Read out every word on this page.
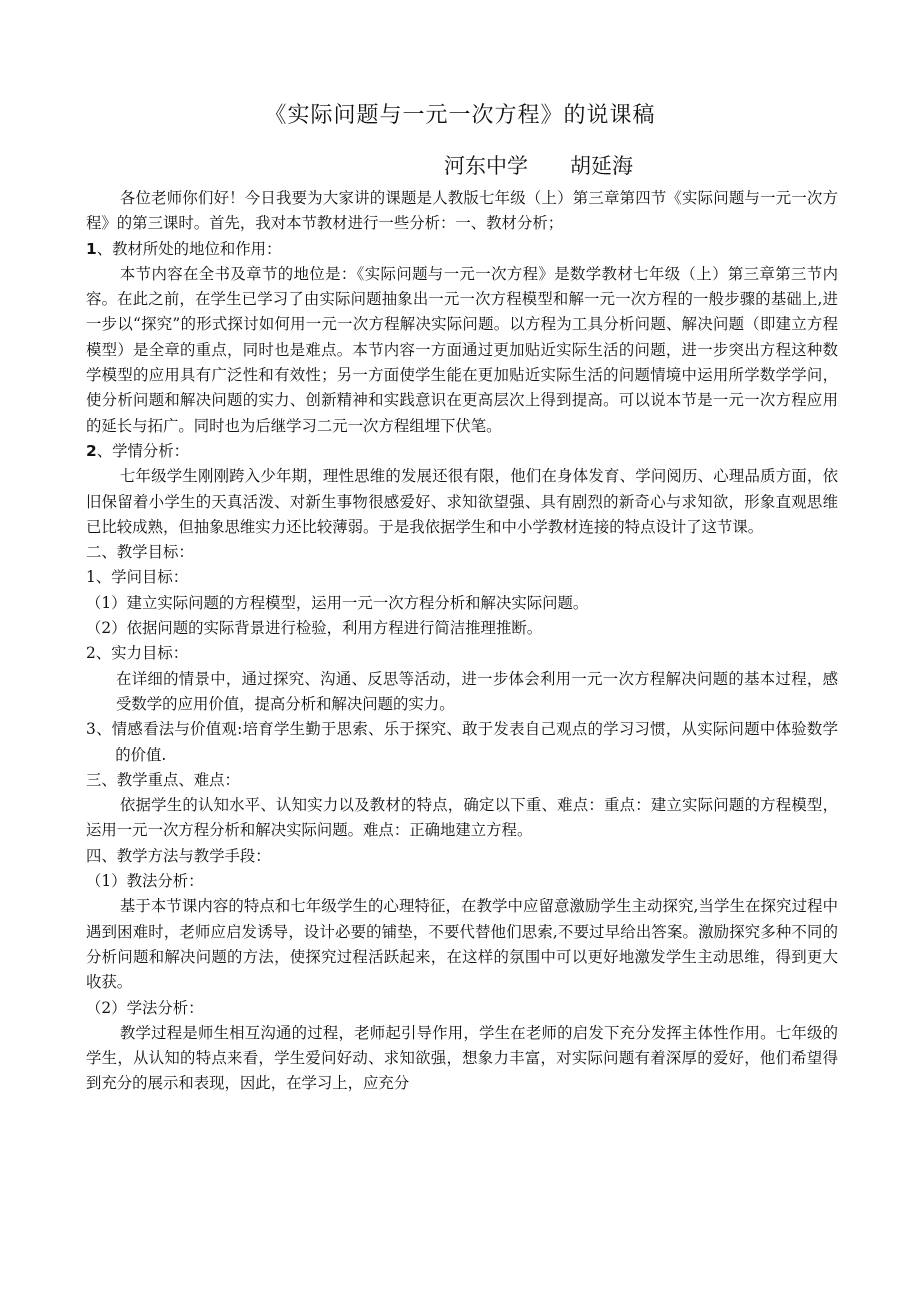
《实际问题与一元一次方程》的说课稿
河东中学 胡延海

各位老师你们好！今日我要为大家讲的课题是人教版七年级（上）第三章第四节《实际问题与一元一次方程》的第三课时。首先，我对本节教材进行一些分析：一、教材分析；

1、教材所处的地位和作用：

本节内容在全书及章节的地位是：《实际问题与一元一次方程》是数学教材七年级（上）第三章第三节内容。在此之前，在学生已学习了由实际问题抽象出一元一次方程模型和解一元一次方程的一般步骤的基础上,进一步以“探究”的形式探讨如何用一元一次方程解决实际问题。以方程为工具分析问题、解决问题（即建立方程模型）是全章的重点，同时也是难点。本节内容一方面通过更加贴近实际生活的问题，进一步突出方程这种数学模型的应用具有广泛性和有效性；另一方面使学生能在更加贴近实际生活的问题情境中运用所学数学学问，使分析问题和解决问题的实力、创新精神和实践意识在更高层次上得到提高。可以说本节是一元一次方程应用的延长与拓广。同时也为后继学习二元一次方程组埋下伏笔。

2、学情分析：

七年级学生刚刚跨入少年期，理性思维的发展还很有限，他们在身体发育、学问阅历、心理品质方面，依旧保留着小学生的天真活泼、对新生事物很感爱好、求知欲望强、具有剧烈的新奇心与求知欲，形象直观思维已比较成熟，但抽象思维实力还比较薄弱。于是我依据学生和中小学教材连接的特点设计了这节课。

二、教学目标：

1、学问目标：

（1）建立实际问题的方程模型，运用一元一次方程分析和解决实际问题。

（2）依据问题的实际背景进行检验，利用方程进行简洁推理推断。

2、实力目标：

在详细的情景中，通过探究、沟通、反思等活动，进一步体会利用一元一次方程解决问题的基本过程，感受数学的应用价值，提高分析和解决问题的实力。

3、情感看法与价值观:培育学生勤于思索、乐于探究、敢于发表自己观点的学习习惯，从实际问题中体验数学的价值.

三、教学重点、难点：

依据学生的认知水平、认知实力以及教材的特点，确定以下重、难点：重点：建立实际问题的方程模型，运用一元一次方程分析和解决实际问题。难点：正确地建立方程。

四、教学方法与教学手段：

（1）教法分析：

基于本节课内容的特点和七年级学生的心理特征，在教学中应留意激励学生主动探究,当学生在探究过程中遇到困难时，老师应启发诱导，设计必要的铺垫，不要代替他们思索,不要过早给出答案。激励探究多种不同的分析问题和解决问题的方法，使探究过程活跃起来，在这样的氛围中可以更好地激发学生主动思维，得到更大收获。

（2）学法分析：

教学过程是师生相互沟通的过程，老师起引导作用，学生在老师的启发下充分发挥主体性作用。七年级的学生，从认知的特点来看，学生爱问好动、求知欲强，想象力丰富，对实际问题有着深厚的爱好，他们希望得到充分的展示和表现，因此，在学习上，应充分
